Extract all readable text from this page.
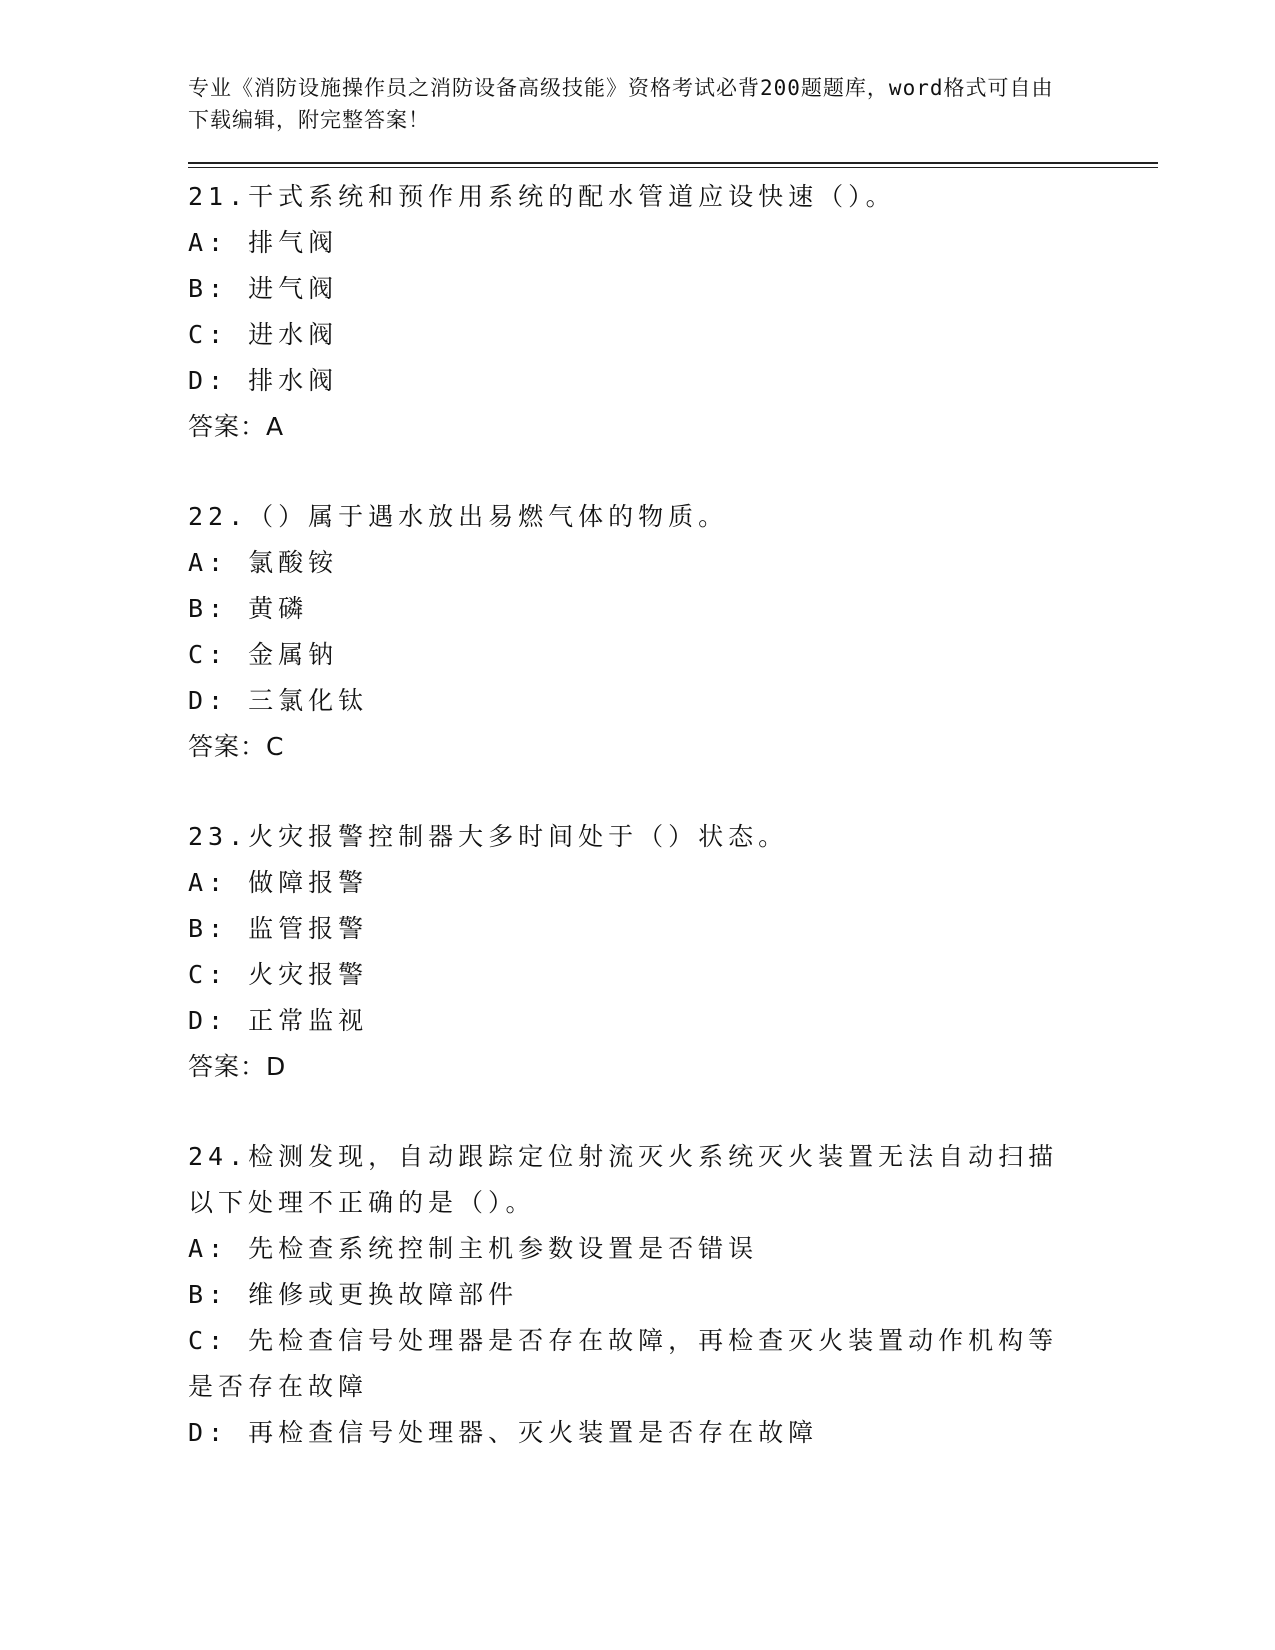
专业《消防设施操作员之消防设备高级技能》资格考试必背200题题库，word格式可自由下载编辑，附完整答案！
21.干式系统和预作用系统的配水管道应设快速（）。
A: 排气阀
B: 进气阀
C: 进水阀
D: 排水阀
答案：A
22.（）属于遇水放出易燃气体的物质。
A: 氯酸铵
B: 黄磷
C: 金属钠
D: 三氯化钛
答案：C
23.火灾报警控制器大多时间处于（）状态。
A: 做障报警
B: 监管报警
C: 火灾报警
D: 正常监视
答案：D
24.检测发现，自动跟踪定位射流灭火系统灭火装置无法自动扫描以下处理不正确的是（）。
A: 先检查系统控制主机参数设置是否错误
B: 维修或更换故障部件
C: 先检查信号处理器是否存在故障，再检查灭火装置动作机构等是否存在故障
D: 再检查信号处理器、灭火装置是否存在故障
